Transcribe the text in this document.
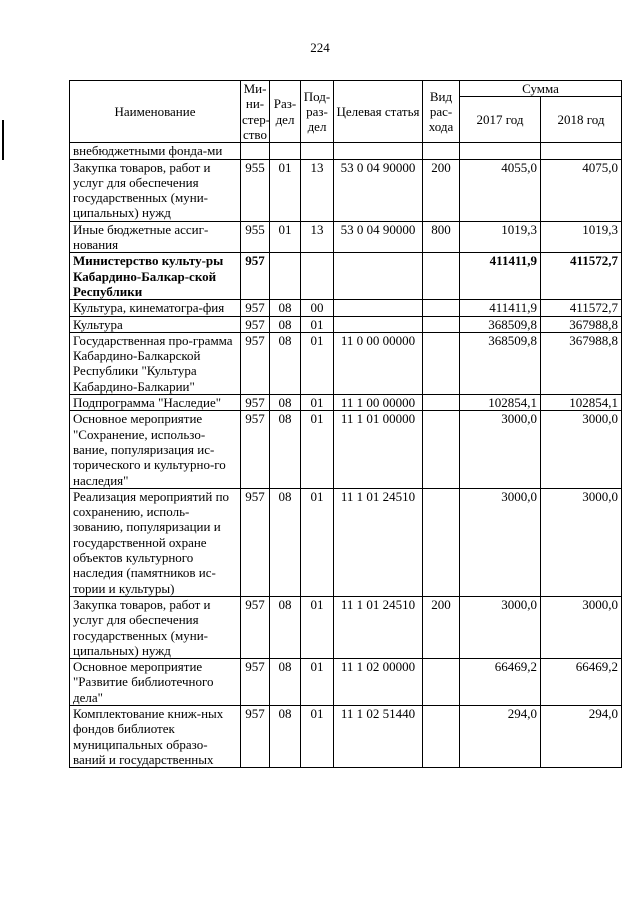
224
Наименование	Ми-ни-стер-ство	Раз-дел	Под-раз-дел	Целевая статья	Вид рас-хода	Сумма	
						2017 год	2018 год
внебюджетными фонда-ми							
Закупка товаров, работ и услуг для обеспечения государственных (муни-ципальных) нужд	955	01	13	53 0 04 90000	200	4055,0	4075,0
Иные бюджетные ассиг-нования	955	01	13	53 0 04 90000	800	1019,3	1019,3
Министерство культу-ры Кабардино-Балкар-ской Республики	957					411411,9	411572,7
Культура, кинематогра-фия	957	08	00			411411,9	411572,7
Культура	957	08	01			368509,8	367988,8
Государственная про-грамма Кабардино-Балкарской Республики "Культура Кабардино-Балкарии"	957	08	01	11 0 00 00000		368509,8	367988,8
Подпрограмма "Наследие"	957	08	01	11 1 00 00000		102854,1	102854,1
Основное мероприятие "Сохранение, использо-вание, популяризация ис-торического и культурно-го наследия"	957	08	01	11 1 01 00000		3000,0	3000,0
Реализация мероприятий по сохранению, исполь-зованию, популяризации и государственной охране объектов культурного наследия (памятников ис-тории и культуры)	957	08	01	11 1 01 24510		3000,0	3000,0
Закупка товаров, работ и услуг для обеспечения государственных (муни-ципальных) нужд	957	08	01	11 1 01 24510	200	3000,0	3000,0
Основное мероприятие "Развитие библиотечного дела"	957	08	01	11 1 02 00000		66469,2	66469,2
Комплектование книж-ных фондов библиотек муниципальных образо-ваний и государственных	957	08	01	11 1 02 51440		294,0	294,0
